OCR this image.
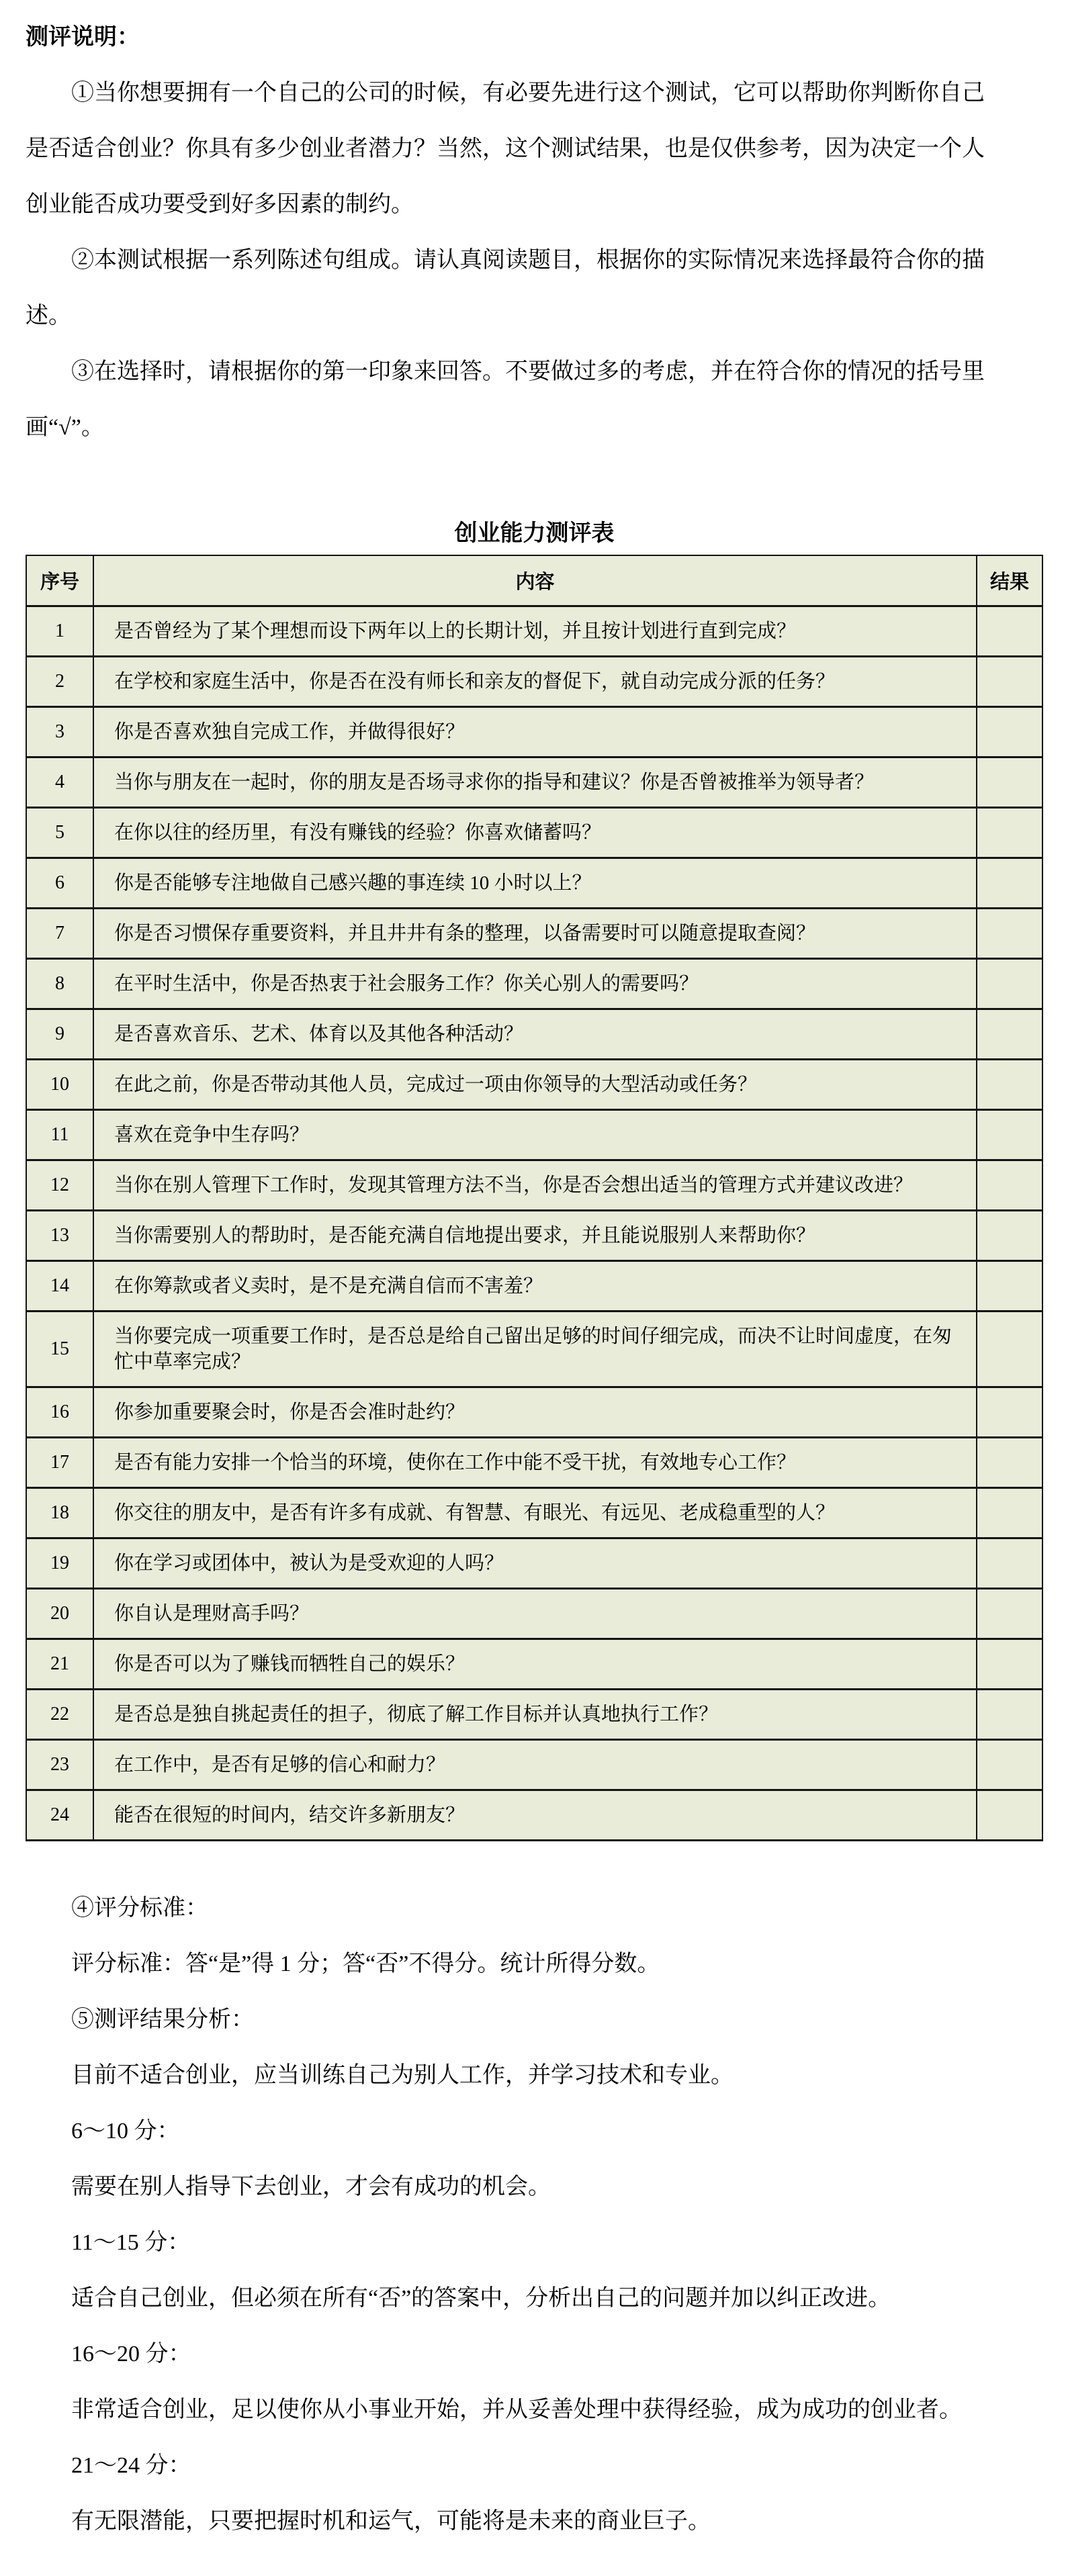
测评说明：

①当你想要拥有一个自己的公司的时候，有必要先进行这个测试，它可以帮助你判断你自己是否适合创业？你具有多少创业者潜力？当然，这个测试结果，也是仅供参考，因为决定一个人创业能否成功要受到好多因素的制约。

②本测试根据一系列陈述句组成。请认真阅读题目，根据你的实际情况来选择最符合你的描述。

③在选择时，请根据你的第一印象来回答。不要做过多的考虑，并在符合你的情况的括号里画“√”。

创业能力测评表
序号	内容	结果
1	是否曾经为了某个理想而设下两年以上的长期计划，并且按计划进行直到完成？	
2	在学校和家庭生活中，你是否在没有师长和亲友的督促下，就自动完成分派的任务？	
3	你是否喜欢独自完成工作，并做得很好？	
4	当你与朋友在一起时，你的朋友是否场寻求你的指导和建议？你是否曾被推举为领导者？	
5	在你以往的经历里，有没有赚钱的经验？你喜欢储蓄吗？	
6	你是否能够专注地做自己感兴趣的事连续 10 小时以上？	
7	你是否习惯保存重要资料，并且井井有条的整理，以备需要时可以随意提取查阅？	
8	在平时生活中，你是否热衷于社会服务工作？你关心别人的需要吗？	
9	是否喜欢音乐、艺术、体育以及其他各种活动？	
10	在此之前，你是否带动其他人员，完成过一项由你领导的大型活动或任务？	
11	喜欢在竞争中生存吗？	
12	当你在别人管理下工作时，发现其管理方法不当，你是否会想出适当的管理方式并建议改进？	
13	当你需要别人的帮助时，是否能充满自信地提出要求，并且能说服别人来帮助你？	
14	在你筹款或者义卖时，是不是充满自信而不害羞？	
15	当你要完成一项重要工作时，是否总是给自己留出足够的时间仔细完成，而决不让时间虚度，在匆忙中草率完成？	
16	你参加重要聚会时，你是否会准时赴约？	
17	是否有能力安排一个恰当的环境，使你在工作中能不受干扰，有效地专心工作？	
18	你交往的朋友中，是否有许多有成就、有智慧、有眼光、有远见、老成稳重型的人？	
19	你在学习或团体中，被认为是受欢迎的人吗？	
20	你自认是理财高手吗？	
21	你是否可以为了赚钱而牺牲自己的娱乐？	
22	是否总是独自挑起责任的担子，彻底了解工作目标并认真地执行工作？	
23	在工作中，是否有足够的信心和耐力？	
24	能否在很短的时间内，结交许多新朋友？	

④评分标准：

评分标准：答“是”得 1 分；答“否”不得分。统计所得分数。

⑤测评结果分析：

目前不适合创业，应当训练自己为别人工作，并学习技术和专业。

6～10 分：

需要在别人指导下去创业，才会有成功的机会。

11～15 分：

适合自己创业，但必须在所有“否”的答案中，分析出自己的问题并加以纠正改进。

16～20 分：

非常适合创业，足以使你从小事业开始，并从妥善处理中获得经验，成为成功的创业者。

21～24 分：

有无限潜能，只要把握时机和运气，可能将是未来的商业巨子。
